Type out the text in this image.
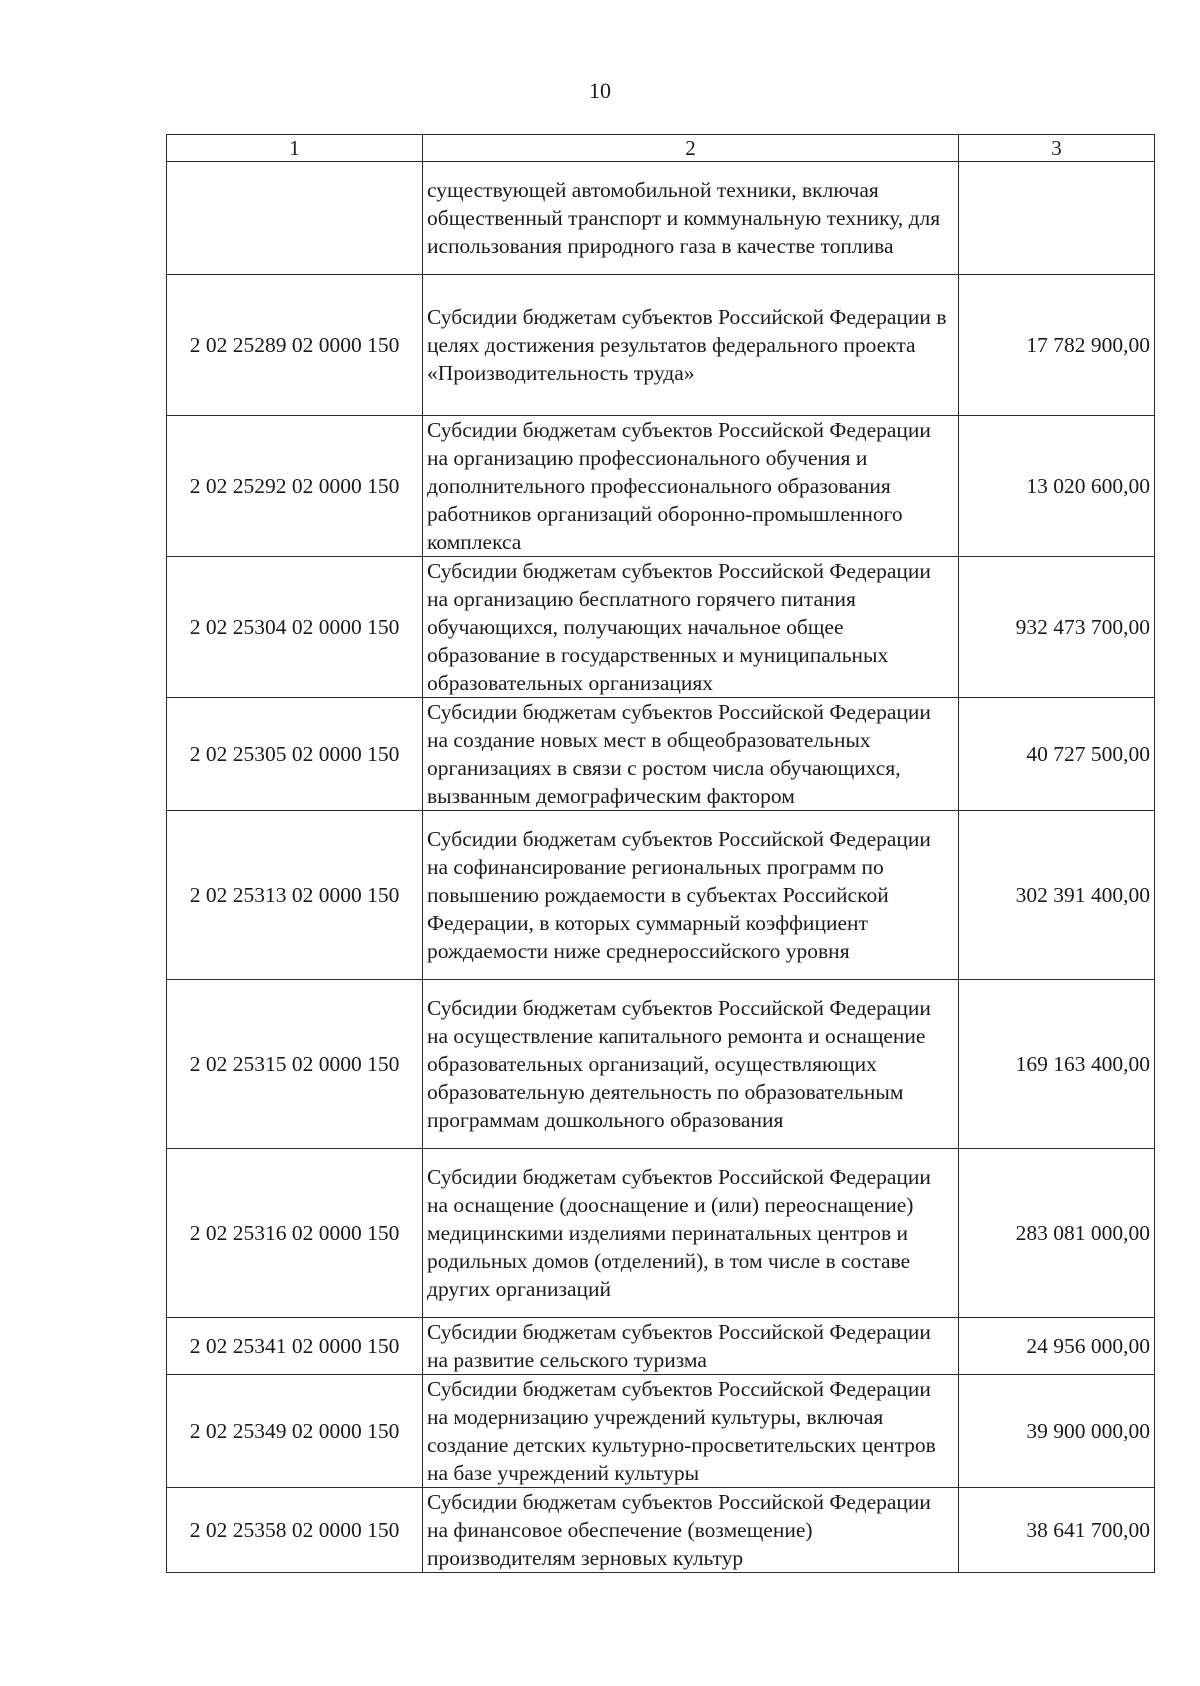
10
1	2	3
	существующей автомобильной техники, включая общественный транспорт и коммунальную технику, для использования природного газа в качестве топлива	
2 02 25289 02 0000 150	Субсидии бюджетам субъектов Российской Федерации в целях достижения результатов федерального проекта «Производительность труда»	17 782 900,00
2 02 25292 02 0000 150	Субсидии бюджетам субъектов Российской Федерации на организацию профессионального обучения и дополнительного профессионального образования работников организаций оборонно-промышленного комплекса	13 020 600,00
2 02 25304 02 0000 150	Субсидии бюджетам субъектов Российской Федерации на организацию бесплатного горячего питания обучающихся, получающих начальное общее образование в государственных и муниципальных образовательных организациях	932 473 700,00
2 02 25305 02 0000 150	Субсидии бюджетам субъектов Российской Федерации на создание новых мест в общеобразовательных организациях в связи с ростом числа обучающихся, вызванным демографическим фактором	40 727 500,00
2 02 25313 02 0000 150	Субсидии бюджетам субъектов Российской Федерации на софинансирование региональных программ по повышению рождаемости в субъектах Российской Федерации, в которых суммарный коэффициент рождаемости ниже среднероссийского уровня	302 391 400,00
2 02 25315 02 0000 150	Субсидии бюджетам субъектов Российской Федерации на осуществление капитального ремонта и оснащение образовательных организаций, осуществляющих образовательную деятельность по образовательным программам дошкольного образования	169 163 400,00
2 02 25316 02 0000 150	Субсидии бюджетам субъектов Российской Федерации на оснащение (дооснащение и (или) переоснащение) медицинскими изделиями перинатальных центров и родильных домов (отделений), в том числе в составе других организаций	283 081 000,00
2 02 25341 02 0000 150	Субсидии бюджетам субъектов Российской Федерации на развитие сельского туризма	24 956 000,00
2 02 25349 02 0000 150	Субсидии бюджетам субъектов Российской Федерации на модернизацию учреждений культуры, включая создание детских культурно-просветительских центров на базе учреждений культуры	39 900 000,00
2 02 25358 02 0000 150	Субсидии бюджетам субъектов Российской Федерации на финансовое обеспечение (возмещение) производителям зерновых культур	38 641 700,00
